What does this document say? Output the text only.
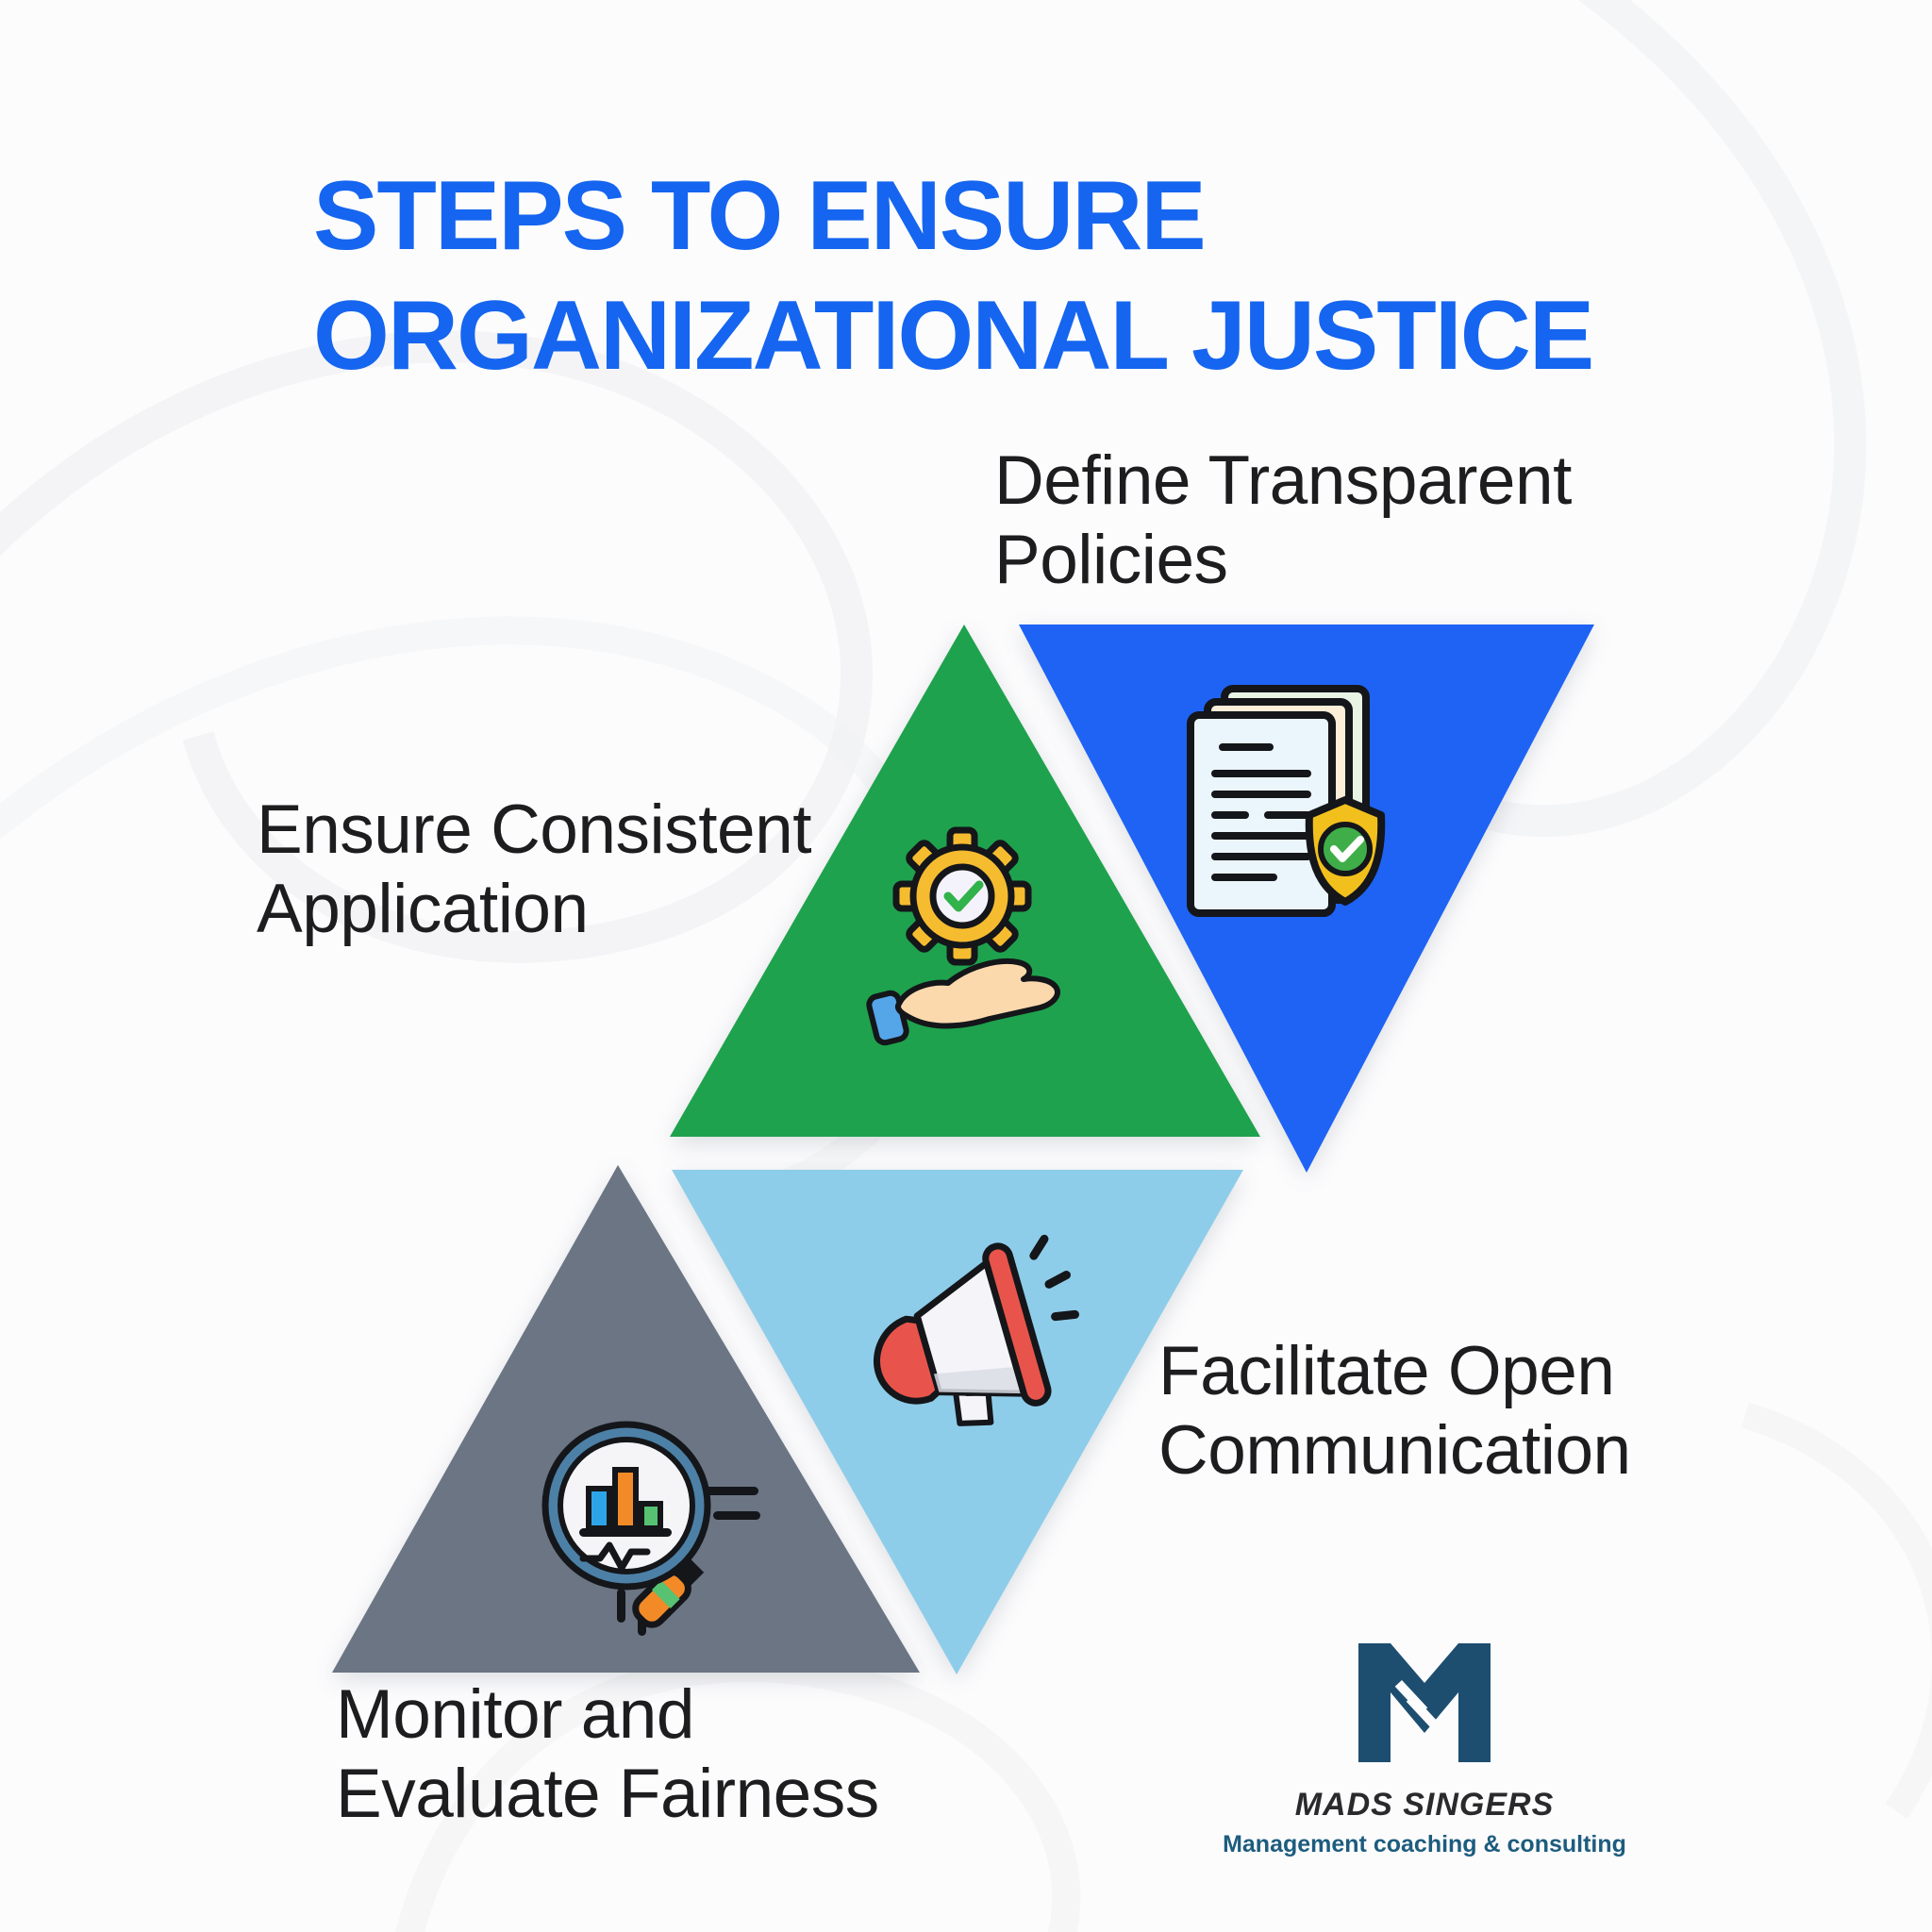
STEPS TO ENSURE
ORGANIZATIONAL JUSTICE
Define Transparent
Policies
Ensure Consistent
Application
Facilitate Open
Communication
Monitor and
Evaluate Fairness	MADS SINGERS
Management coaching & consulting
